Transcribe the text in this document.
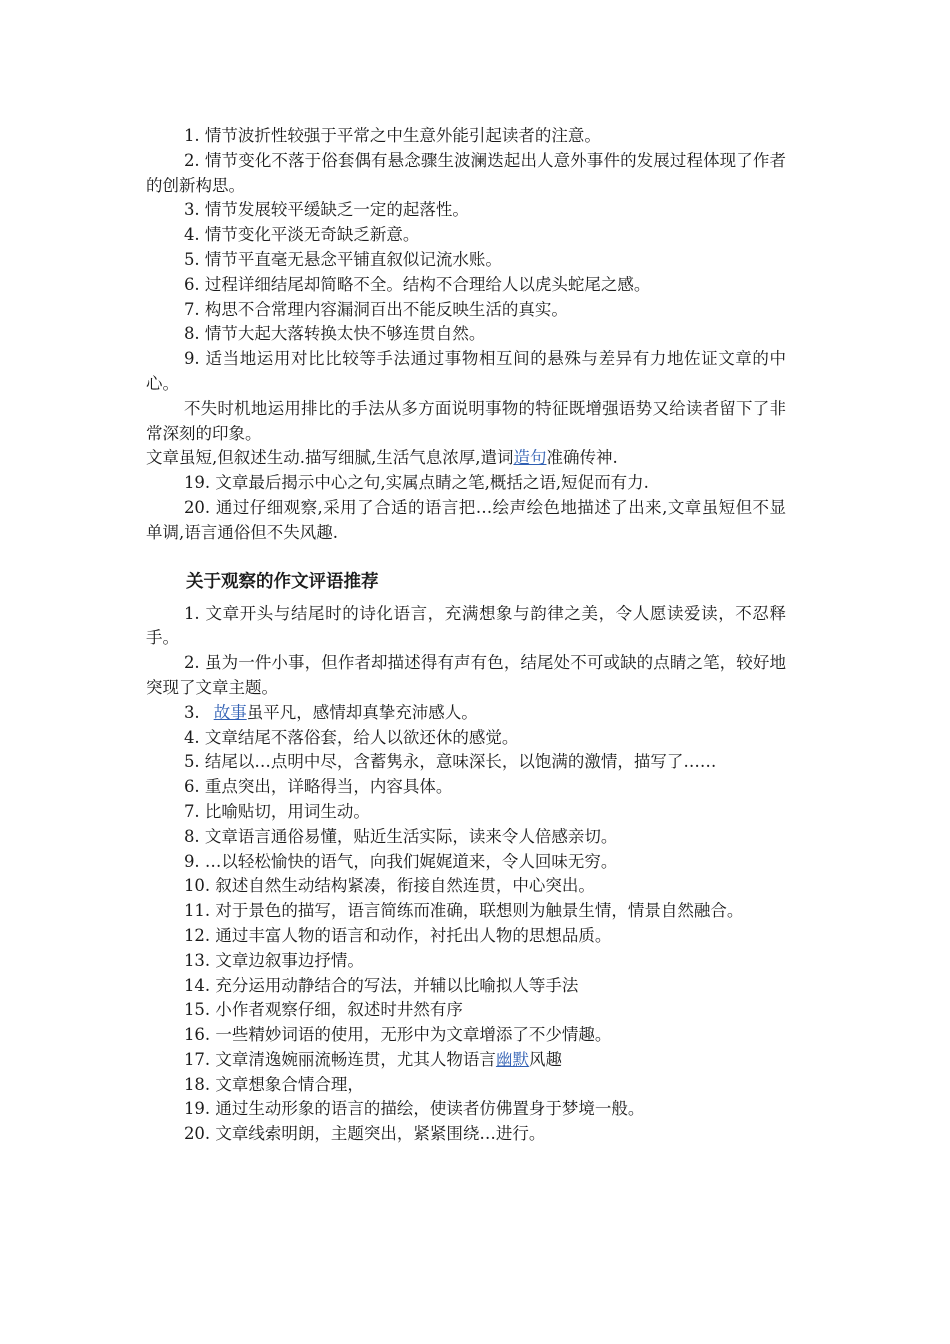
1. 情节波折性较强于平常之中生意外能引起读者的注意。

2. 情节变化不落于俗套偶有悬念骤生波澜迭起出人意外事件的发展过程体现了作者的创新构思。

3. 情节发展较平缓缺乏一定的起落性。

4. 情节变化平淡无奇缺乏新意。

5. 情节平直毫无悬念平铺直叙似记流水账。

6. 过程详细结尾却简略不全。结构不合理给人以虎头蛇尾之感。

7. 构思不合常理内容漏洞百出不能反映生活的真实。

8. 情节大起大落转换太快不够连贯自然。

9. 适当地运用对比比较等手法通过事物相互间的悬殊与差异有力地佐证文章的中心。

不失时机地运用排比的手法从多方面说明事物的特征既增强语势又给读者留下了非常深刻的印象。

文章虽短,但叙述生动.描写细腻,生活气息浓厚,遣词造句准确传神.

19. 文章最后揭示中心之句,实属点睛之笔,概括之语,短促而有力.

20. 通过仔细观察,采用了合适的语言把…绘声绘色地描述了出来,文章虽短但不显单调,语言通俗但不失风趣.

关于观察的作文评语推荐

1. 文章开头与结尾时的诗化语言，充满想象与韵律之美，令人愿读爱读，不忍释手。

2. 虽为一件小事，但作者却描述得有声有色，结尾处不可或缺的点睛之笔，较好地突现了文章主题。

3. 故事虽平凡，感情却真挚充沛感人。

4. 文章结尾不落俗套，给人以欲还休的感觉。

5. 结尾以…点明中尽，含蓄隽永，意味深长，以饱满的激情，描写了……

6. 重点突出，详略得当，内容具体。

7. 比喻贴切，用词生动。

8. 文章语言通俗易懂，贴近生活实际，读来令人倍感亲切。

9. …以轻松愉快的语气，向我们娓娓道来，令人回味无穷。

10. 叙述自然生动结构紧凑，衔接自然连贯，中心突出。

11. 对于景色的描写，语言简练而准确，联想则为触景生情，情景自然融合。

12. 通过丰富人物的语言和动作，衬托出人物的思想品质。

13. 文章边叙事边抒情。

14. 充分运用动静结合的写法，并辅以比喻拟人等手法

15. 小作者观察仔细，叙述时井然有序

16. 一些精妙词语的使用，无形中为文章增添了不少情趣。

17. 文章清逸婉丽流畅连贯，尤其人物语言幽默风趣

18. 文章想象合情合理，

19. 通过生动形象的语言的描绘，使读者仿佛置身于梦境一般。

20. 文章线索明朗，主题突出，紧紧围绕…进行。
